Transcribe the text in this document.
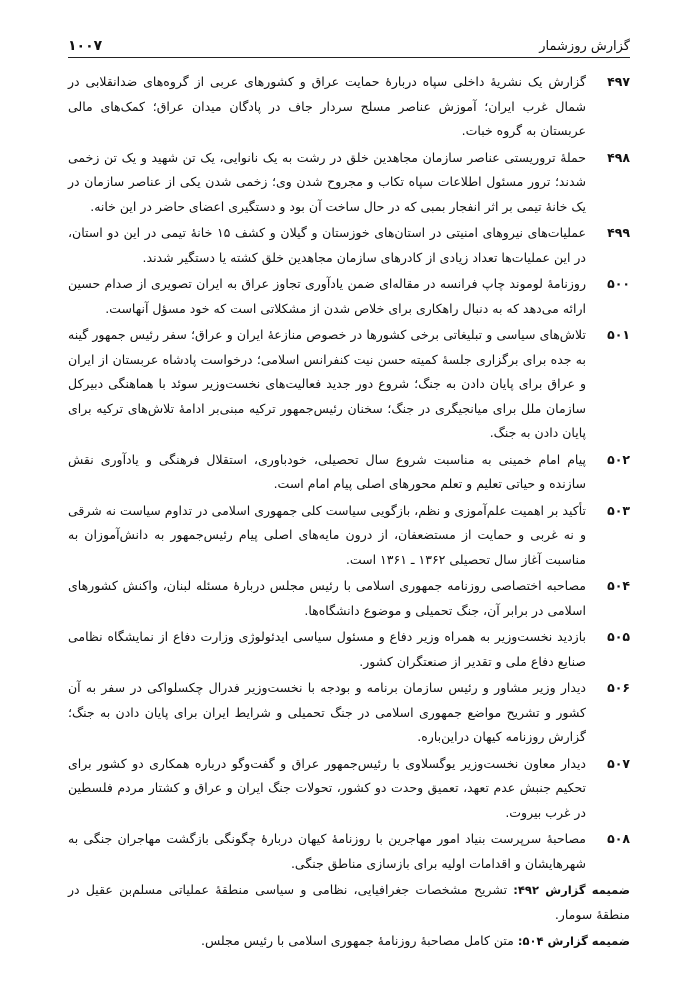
گزارش روزشمار
۱۰۰۷
۴۹۷

گزارش یک نشریهٔ داخلی سپاه دربارهٔ حمایت عراق و کشورهای عربی از گروه‌های ضدانقلابی در شمال غرب ایران؛ آموزش عناصر مسلح سردار جاف در پادگان میدان عراق؛ کمک‌های مالی عربستان به گروه خبات.

۴۹۸

حملهٔ تروریستی عناصر سازمان مجاهدین خلق در رشت به یک نانوایی، یک تن شهید و یک تن زخمی شدند؛ ترور مسئول اطلاعات سپاه تکاب و مجروح شدن وی؛ زخمی شدن یکی از عناصر سازمان در یک خانهٔ تیمی بر اثر انفجار بمبی که در حال ساخت آن بود و دستگیری اعضای حاضر در این خانه.

۴۹۹

عملیات‌های نیروهای امنیتی در استان‌های خوزستان و گیلان و کشف ۱۵ خانهٔ تیمی در این دو استان، در این عملیات‌ها تعداد زیادی از کادرهای سازمان مجاهدین خلق کشته یا دستگیر شدند.

۵۰۰

روزنامهٔ لوموند چاپ فرانسه در مقاله‌ای ضمن یادآوری تجاوز عراق به ایران تصویری از صدام حسین ارائه می‌دهد که به دنبال راهکاری برای خلاص شدن از مشکلاتی است که خود مسؤل آنهاست.

۵۰۱

تلاش‌های سیاسی و تبلیغاتی برخی کشورها در خصوص منازعهٔ ایران و عراق؛ سفر رئیس جمهور گینه به جده برای برگزاری جلسهٔ کمیته حسن نیت کنفرانس اسلامی؛ درخواست پادشاه عربستان از ایران و عراق برای پایان دادن به جنگ؛ شروع دور جدید فعالیت‌های نخست‌وزیر سوئد با هماهنگی دبیرکل سازمان ملل برای میانجیگری در جنگ؛ سخنان رئیس‌جمهور ترکیه مبنی‌بر ادامهٔ تلاش‌های ترکیه برای پایان دادن به جنگ.

۵۰۲

پیام امام خمینی به مناسبت شروع سال تحصیلی، خودباوری، استقلال فرهنگی و یادآوری نقش سازنده و حیاتی تعلیم و تعلم محورهای اصلی پیام امام است.

۵۰۳

تأکید بر اهمیت علم‌آموزی و نظم، بازگویی سیاست کلی جمهوری اسلامی در تداوم سیاست نه شرقی و نه غربی و حمایت از مستضعفان، از درون مایه‌های اصلی پیام رئیس‌جمهور به دانش‌آموزان به مناسبت آغاز سال تحصیلی ۱۳۶۲ ـ ۱۳۶۱ است.

۵۰۴

مصاحبه اختصاصی روزنامه جمهوری اسلامی با رئیس مجلس دربارهٔ مسئله لبنان، واکنش کشورهای اسلامی در برابر آن، جنگ تحمیلی و موضوع دانشگاه‌ها.

۵۰۵

بازدید نخست‌وزیر به همراه وزیر دفاع و مسئول سیاسی ایدئولوژی وزارت دفاع از نمایشگاه نظامی صنایع دفاع ملی و تقدیر از صنعتگران کشور.

۵۰۶

دیدار وزیر مشاور و رئیس سازمان برنامه و بودجه با نخست‌وزیر فدرال چکسلواکی در سفر به آن کشور و تشریح مواضع جمهوری اسلامی در جنگ تحمیلی و شرایط ایران برای پایان دادن به جنگ؛ گزارش روزنامه کیهان دراین‌باره.

۵۰۷

دیدار معاون نخست‌وزیر یوگسلاوی با رئیس‌جمهور عراق و گفت‌وگو درباره همکاری دو کشور برای تحکیم جنبش عدم تعهد، تعمیق وحدت دو کشور، تحولات جنگ ایران و عراق و کشتار مردم فلسطین در غرب بیروت.

۵۰۸

مصاحبهٔ سرپرست بنیاد امور مهاجرین با روزنامهٔ کیهان دربارهٔ چگونگی بازگشت مهاجران جنگی به شهرهایشان و اقدامات اولیه برای بازسازی مناطق جنگی.

ضمیمه گزارش ۴۹۲: تشریح مشخصات جغرافیایی، نظامی و سیاسی منطقهٔ عملیاتی مسلم‌بن عقیل در منطقهٔ سومار.

ضمیمه گزارش ۵۰۴: متن کامل مصاحبهٔ روزنامهٔ جمهوری اسلامی با رئیس مجلس.
